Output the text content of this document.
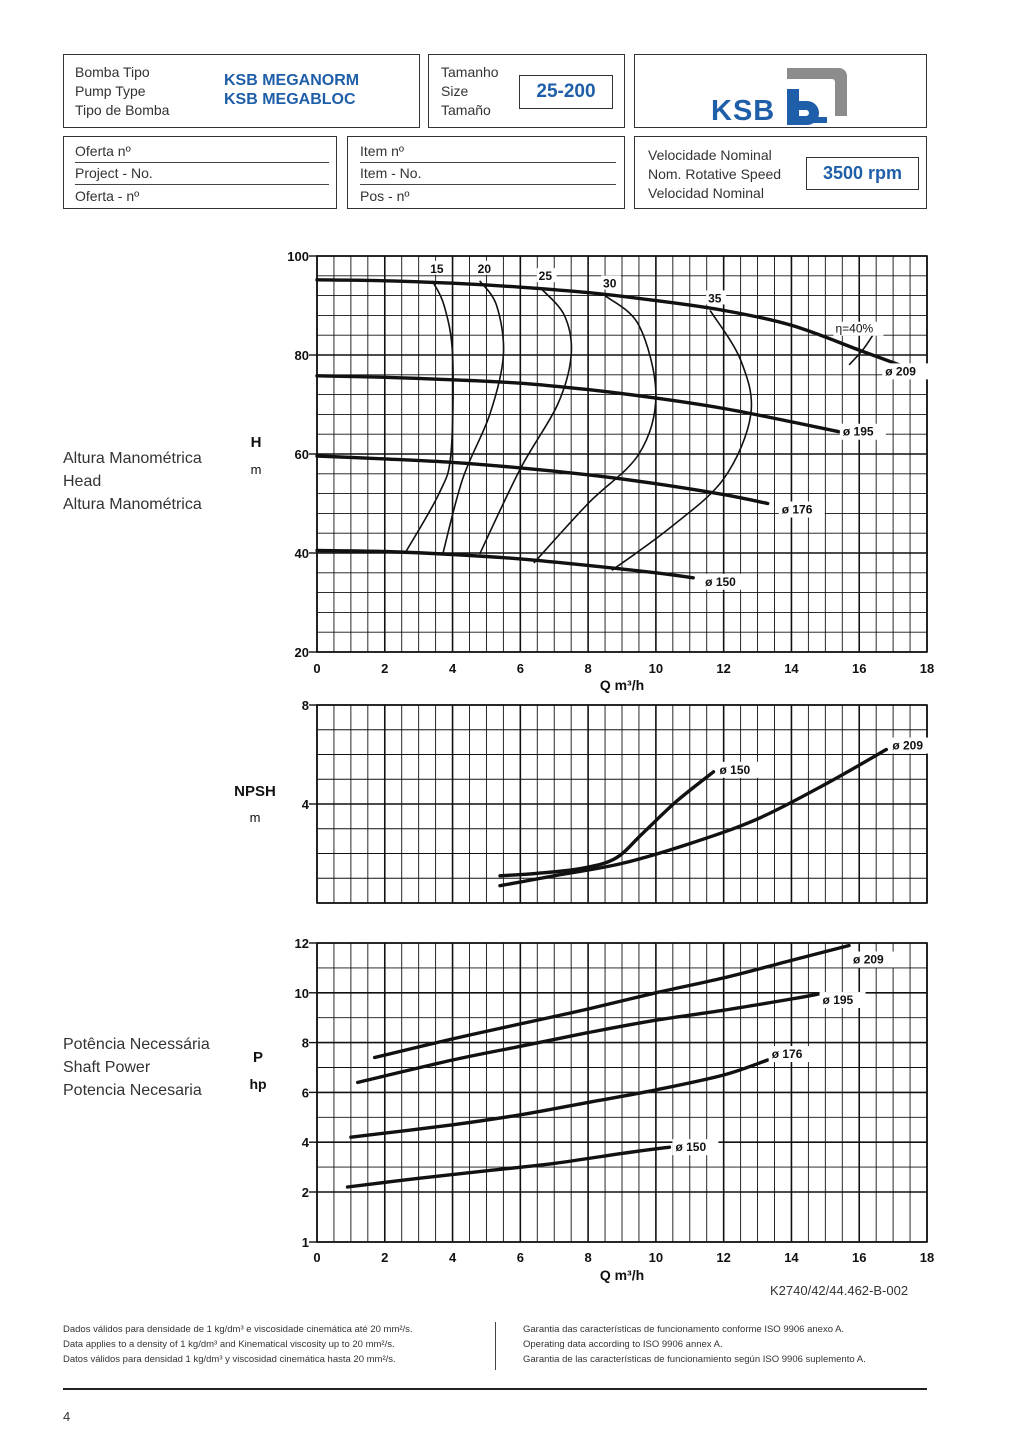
Bomba Tipo
Pump Type
Tipo de Bomba
KSB MEGANORM
KSB MEGABLOC
Tamanho
Size
Tamaño
25-200
KSB
Oferta nº
Project - No.
Oferta - nº
Item nº
Item - No.
Pos - nº
Velocidade Nominal
Nom. Rotative Speed
Velocidad Nominal
3500 rpm
Altura Manométrica
Head
Altura Manométrica
Potência Necessária
Shaft Power
Potencia Necesaria
20
40
60
80
100
0	2	4	6	8	10	12	14	16	18
4
8
1
2
4
6
8
10
12
0	2	4	6	8	10	12	14	16	18
H
m
Q m³/h
NPSH
m
P
hp
Q m³/h
ø 209
ø 195
ø 176
ø 150
ø 150
ø 209
ø 209
ø 195
ø 176
ø 150
15	20
25
30
35
η=40%
K2740/42/44.462-B-002
Dados válidos para densidade de 1 kg/dm³ e viscosidade cinemática até 20 mm²/s.
Data applies to a density of 1 kg/dm³ and Kinematical viscosity up to 20 mm²/s.
Datos válidos para densidad 1 kg/dm³ y viscosidad cinemática hasta 20 mm²/s.
Garantia das características de funcionamento conforme ISO 9906 anexo A.
Operating data according to ISO 9906 annex A.
Garantia de las características de funcionamiento según ISO 9906 suplemento A.
4
